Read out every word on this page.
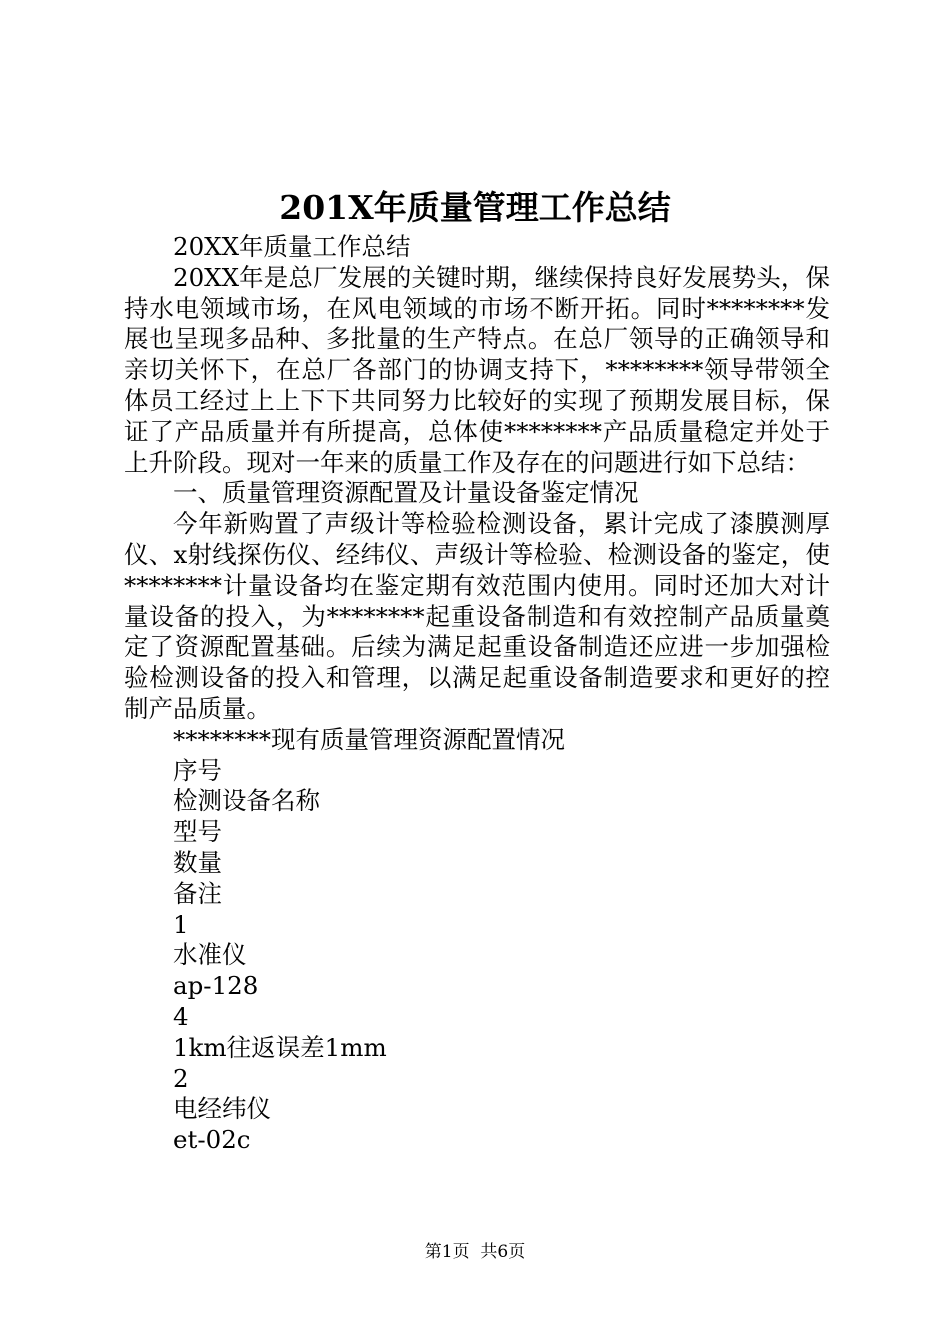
201X年质量管理工作总结

20XX年质量工作总结

20XX年是总厂发展的关键时期，继续保持良好发展势头，保持水电领域市场，在风电领域的市场不断开拓。同时********发展也呈现多品种、多批量的生产特点。在总厂领导的正确领导和亲切关怀下，在总厂各部门的协调支持下，********领导带领全体员工经过上上下下共同努力比较好的实现了预期发展目标，保证了产品质量并有所提高，总体使********产品质量稳定并处于上升阶段。现对一年来的质量工作及存在的问题进行如下总结：

一、质量管理资源配置及计量设备鉴定情况

今年新购置了声级计等检验检测设备，累计完成了漆膜测厚仪、x射线探伤仪、经纬仪、声级计等检验、检测设备的鉴定，使********计量设备均在鉴定期有效范围内使用。同时还加大对计量设备的投入，为********起重设备制造和有效控制产品质量奠定了资源配置基础。后续为满足起重设备制造还应进一步加强检验检测设备的投入和管理，以满足起重设备制造要求和更好的控制产品质量。

********现有质量管理资源配置情况

序号
检测设备名称
型号
数量
备注
1
水准仪
ap-128
4
1km往返误差1mm
2
电经纬仪
et-02c
第1页  共6页
